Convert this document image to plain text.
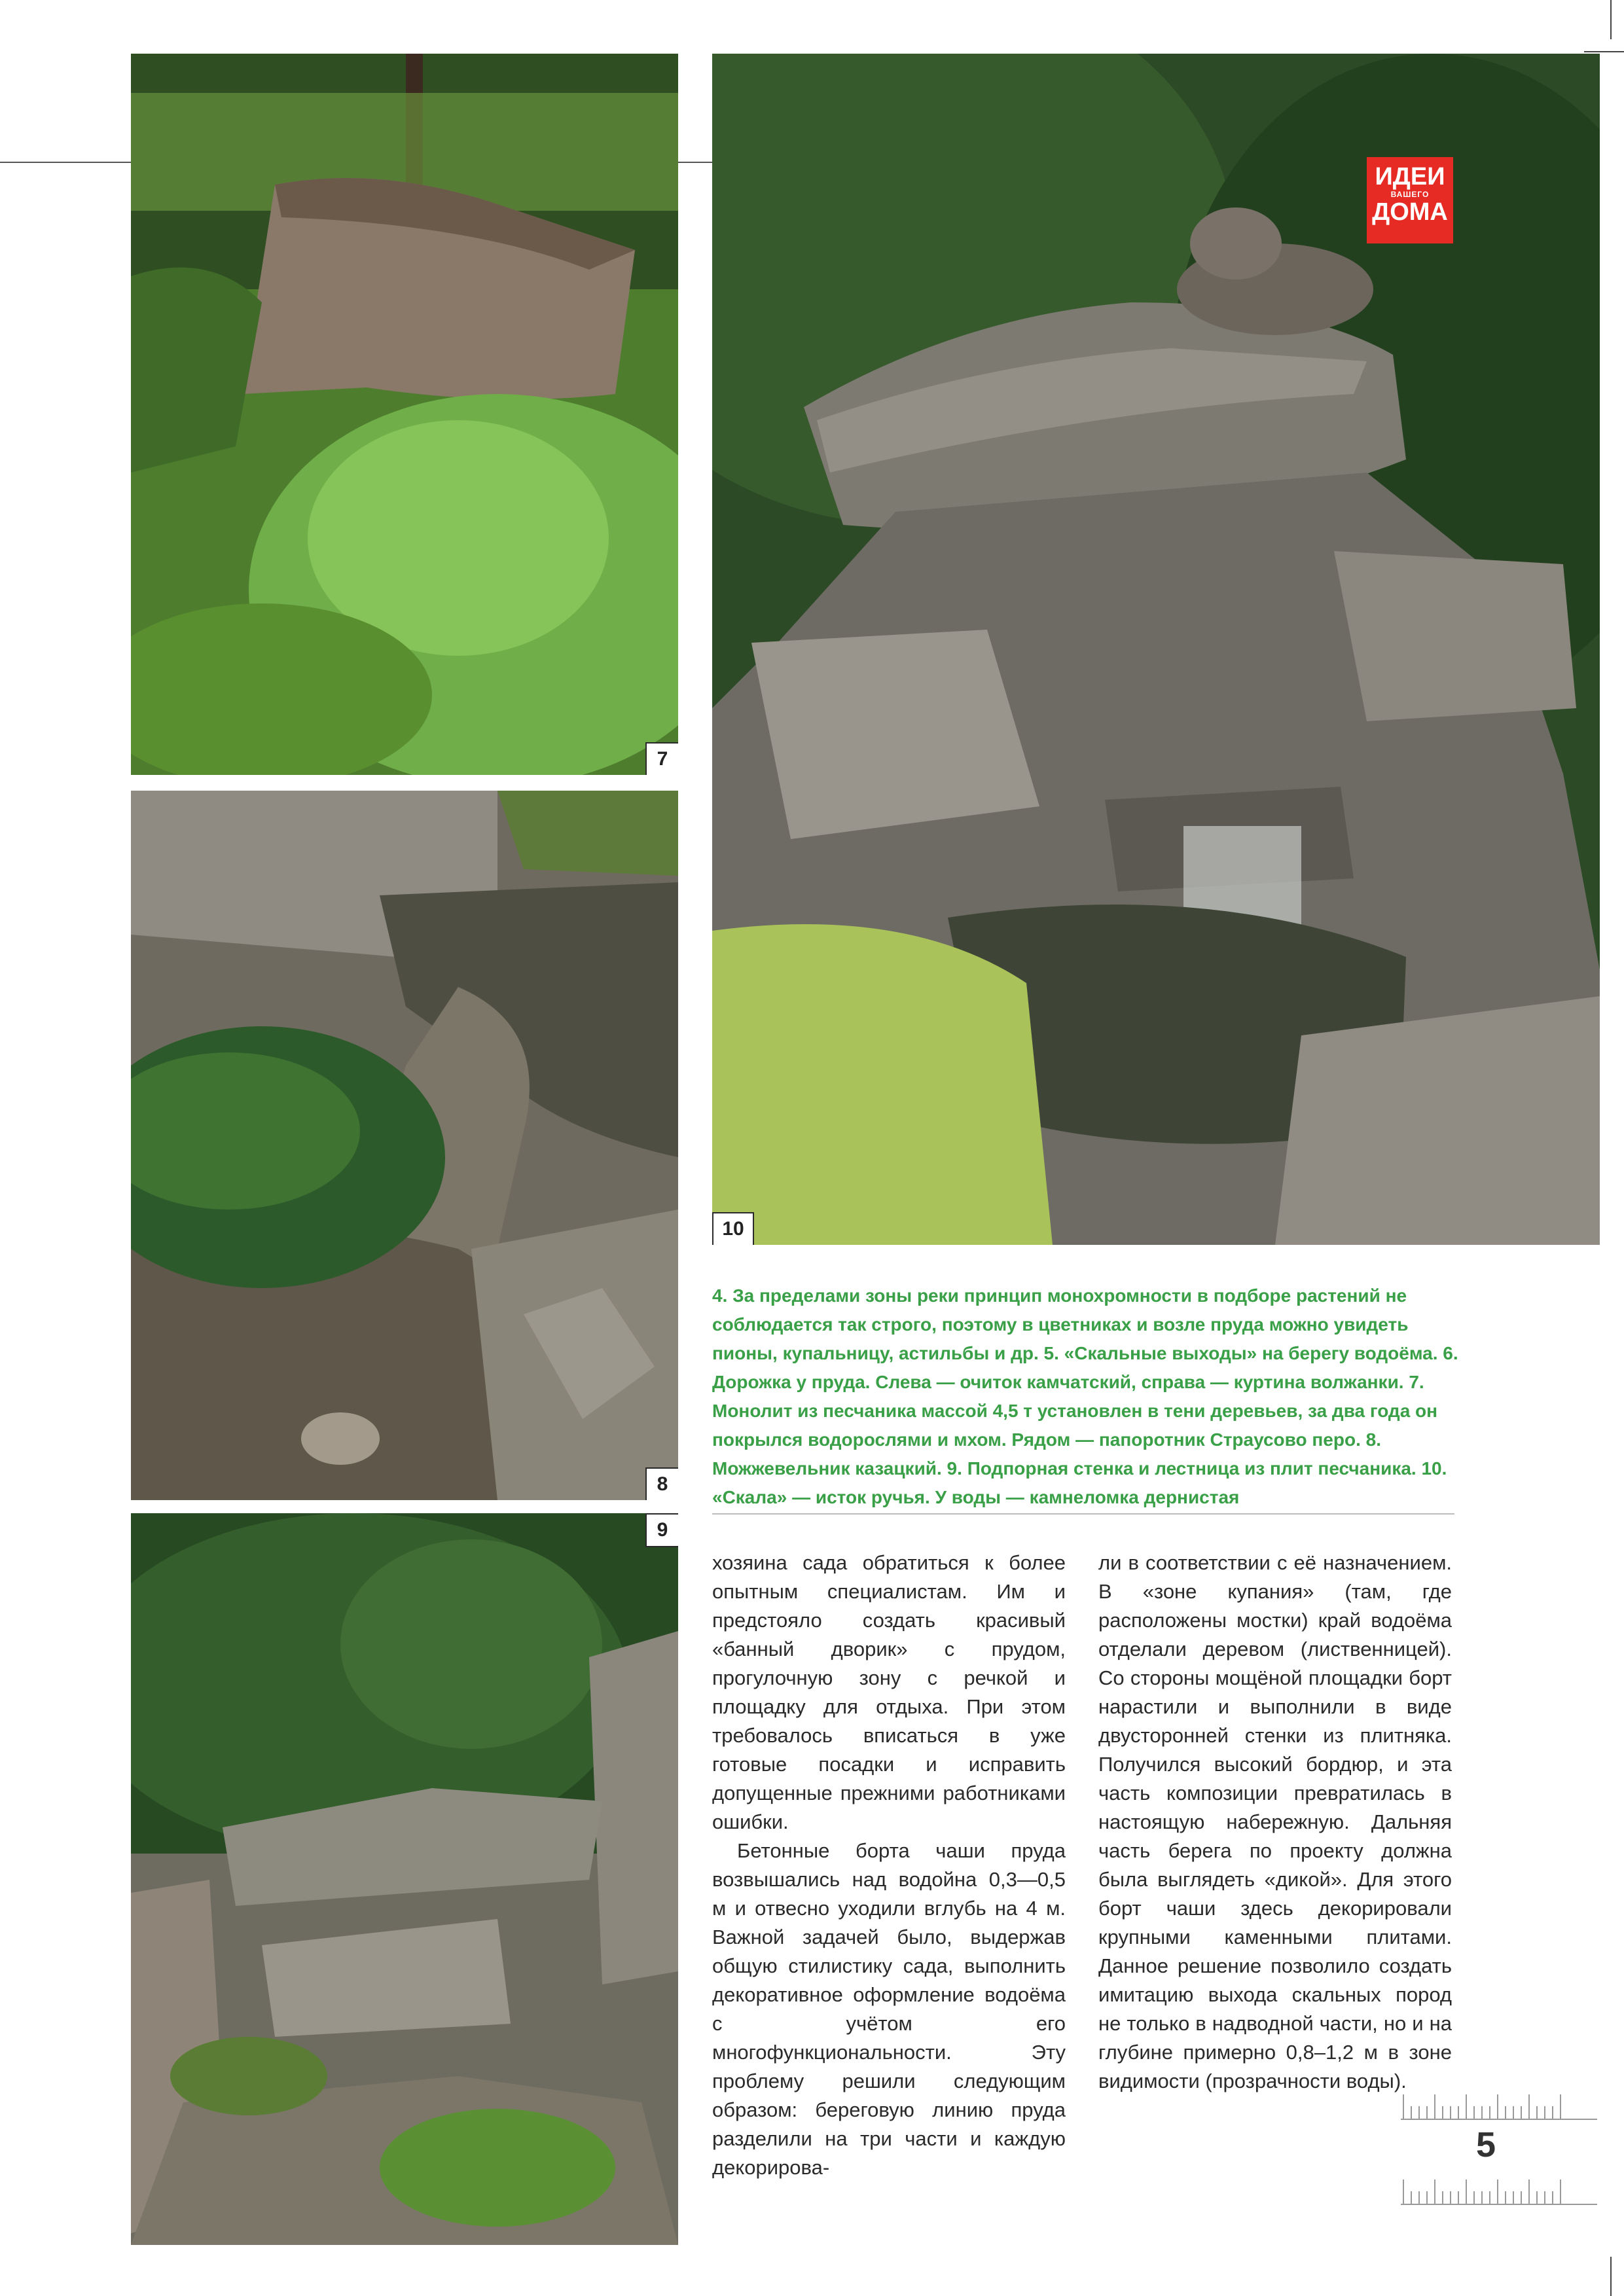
7
8
9
10
ИДЕИ
ВАШЕГО
ДОМА

4. За пределами зоны реки принцип монохромности в подборе растений не соблюдается так строго, поэтому в цветниках и возле пруда можно увидеть пионы, купальницу, астильбы и др. 5. «Скальные выходы» на берегу водоёма. 6. Дорожка у пруда. Слева — очиток камчатский, справа — куртина волжанки. 7. Монолит из песчаника массой 4,5 т установлен в тени деревьев, за два года он покрылся водорослями и мхом. Рядом — папоротник Страусово перо. 8. Можжевельник казацкий. 9. Подпорная стенка и лестница из плит песчаника. 10. «Скала» — исток ручья. У воды — камнеломка дернистая

хозяина сада обратиться к более опытным специалистам. Им и предстояло создать красивый «банный дворик» с прудом, прогулочную зону с речкой и площадку для отдыха. При этом требовалось вписаться в уже готовые посадки и исправить допущенные прежними работниками ошибки.

Бетонные борта чаши пруда возвышались над водойна 0,3—0,5 м и отвесно уходили вглубь на 4 м. Важной задачей было, выдержав общую стилистику сада, выполнить декоративное оформление водоёма с учётом его многофункциональности. Эту проблему решили следующим образом: береговую линию пруда разделили на три части и каждую декорирова-

ли в соответствии с её назначением. В «зоне купания» (там, где расположены мостки) край водоёма отделали деревом (лиственницей). Со стороны мощёной площадки борт нарастили и выполнили в виде двусторонней стенки из плитняка. Получился высокий бордюр, и эта часть композиции превратилась в настоящую набережную. Дальняя часть берега по проекту должна была выглядеть «дикой». Для этого борт чаши здесь декорировали крупными каменными плитами. Данное решение позволило создать имитацию выхода скальных пород не только в надводной части, но и на глубине примерно 0,8–1,2 м в зоне видимости (прозрачности воды).

5
